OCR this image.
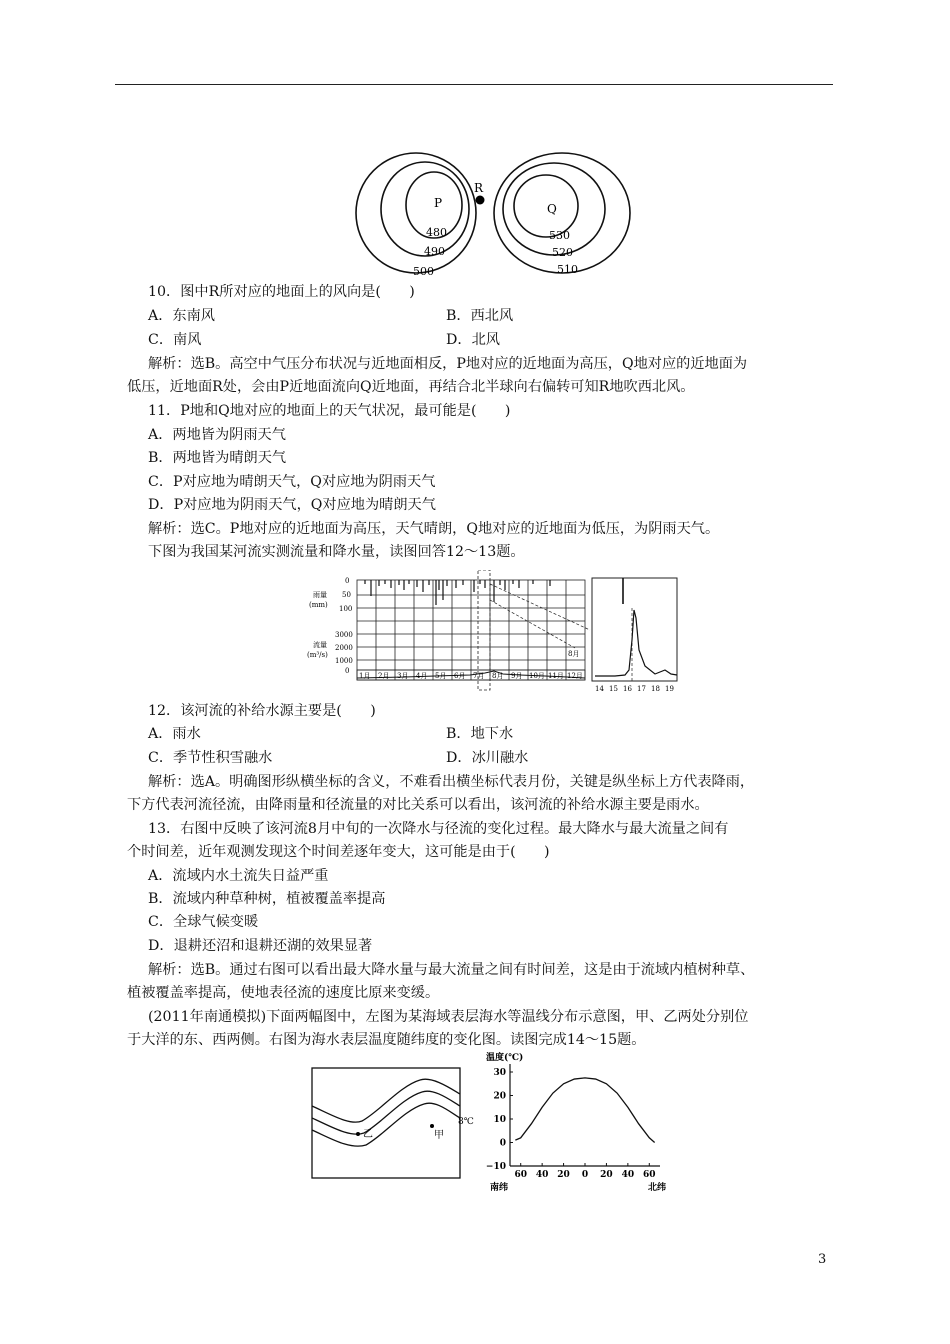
P	Q
R
480
490
500
530
520
510
10．图中R所对应的地面上的风向是(　　)
A．东南风	B．西北风
C．南风	D．北风
解析：选B。高空中气压分布状况与近地面相反，P地对应的近地面为高压，Q地对应的近地面为
低压，近地面R处，会由P近地面流向Q近地面，再结合北半球向右偏转可知R地吹西北风。
11．P地和Q地对应的地面上的天气状况，最可能是(　　)
A．两地皆为阴雨天气
B．两地皆为晴朗天气
C．P对应地为晴朗天气，Q对应地为阴雨天气
D．P对应地为阴雨天气，Q对应地为晴朗天气
解析：选C。P地对应的近地面为高压，天气晴朗，Q地对应的近地面为低压，为阴雨天气。
下图为我国某河流实测流量和降水量，读图回答12～13题。
1月 2月 3月 4月 5月 6月 7月 8月 9月 10月 11月 12月
雨量
(mm)
流量
(m³/s)
0
50
100
3000
2000
1000
0
8月
14 15 16 17 18 19
12．该河流的补给水源主要是(　　)
A．雨水	B．地下水
C．季节性积雪融水	D．冰川融水
解析：选A。明确图形纵横坐标的含义，不难看出横坐标代表月份，关键是纵坐标上方代表降雨，
下方代表河流径流，由降雨量和径流量的对比关系可以看出，该河流的补给水源主要是雨水。
13．右图中反映了该河流8月中旬的一次降水与径流的变化过程。最大降水与最大流量之间有
个时间差，近年观测发现这个时间差逐年变大，这可能是由于(　　)
A．流域内水土流失日益严重
B．流域内种草种树，植被覆盖率提高
C．全球气候变暖
D．退耕还沼和退耕还湖的效果显著
解析：选B。通过右图可以看出最大降水量与最大流量之间有时间差，这是由于流域内植树种草、
植被覆盖率提高，使地表径流的速度比原来变缓。
(2011年南通模拟)下面两幅图中，左图为某海域表层海水等温线分布示意图，甲、乙两处分别位
于大洋的东、西两侧。右图为海水表层温度随纬度的变化图。读图完成14～15题。
乙	甲
8℃
30
20
10
0
−10
60 40 20 0 20 40 60
温度(℃)
南纬	北纬
3
